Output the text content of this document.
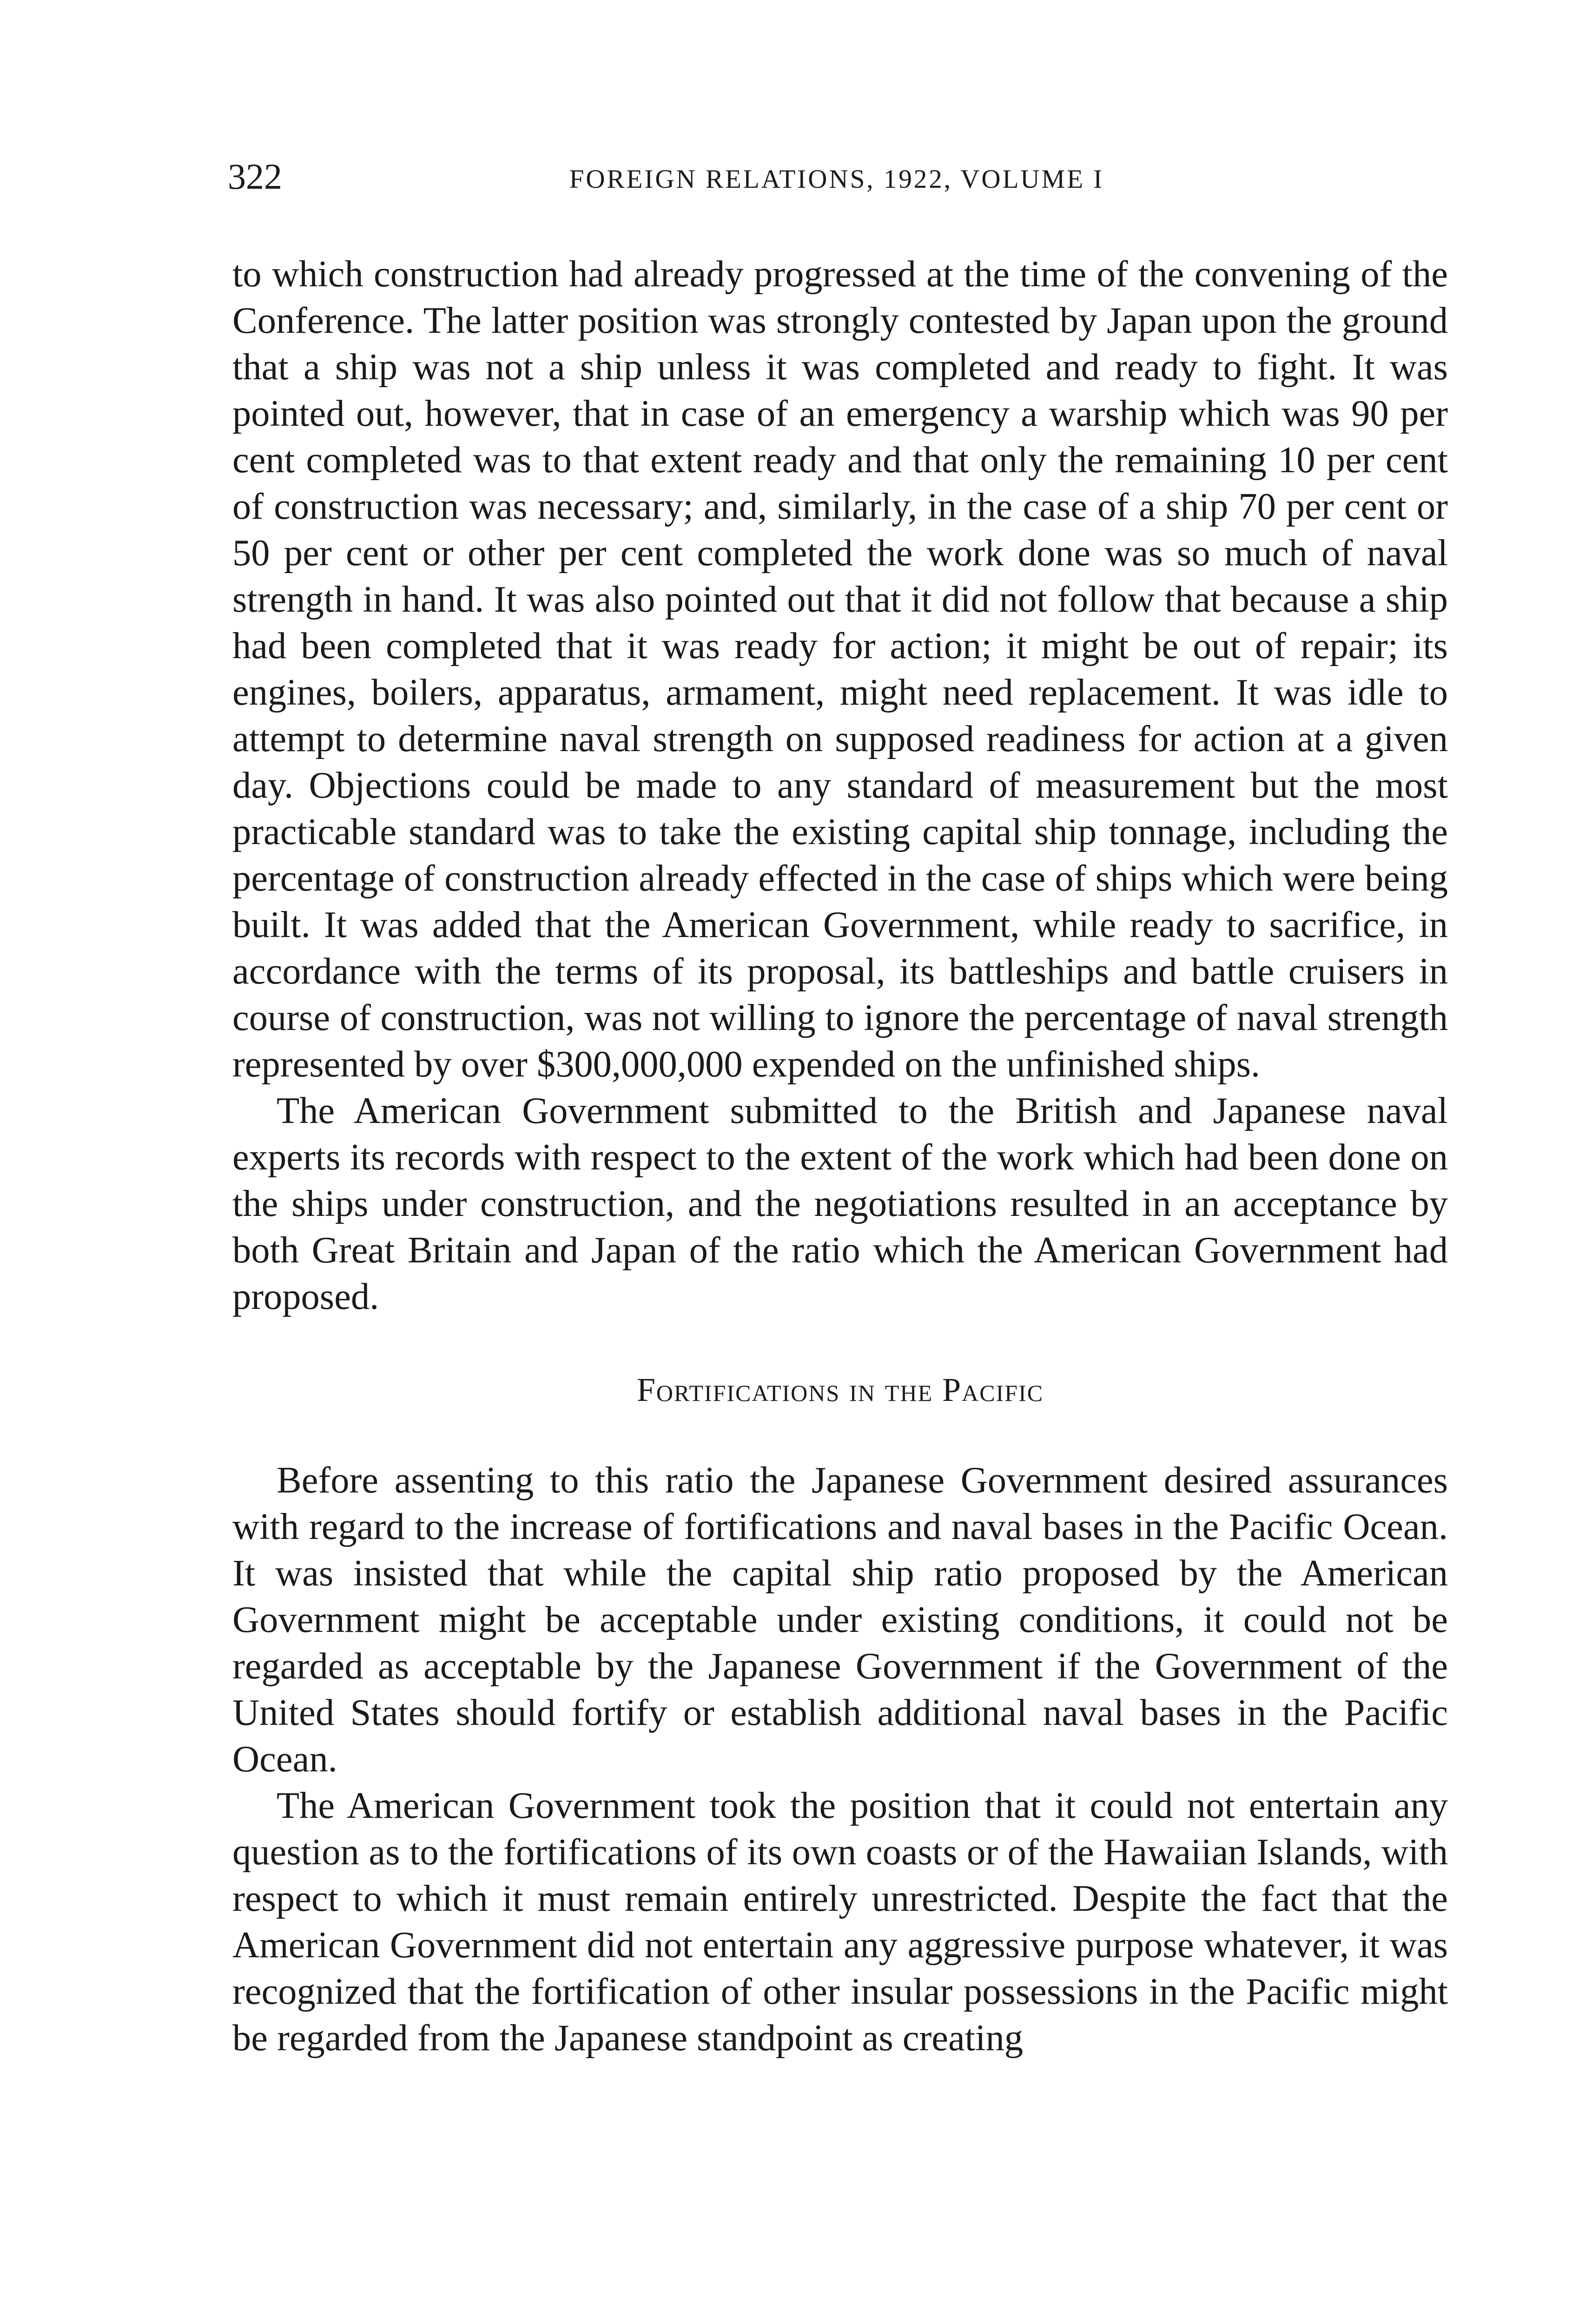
322	FOREIGN RELATIONS, 1922, VOLUME I

to which construction had already progressed at the time of the convening of the Conference. The latter position was strongly contested by Japan upon the ground that a ship was not a ship unless it was completed and ready to fight. It was pointed out, however, that in case of an emergency a warship which was 90 per cent completed was to that extent ready and that only the remaining 10 per cent of construction was necessary; and, similarly, in the case of a ship 70 per cent or 50 per cent or other per cent completed the work done was so much of naval strength in hand. It was also pointed out that it did not follow that because a ship had been completed that it was ready for action; it might be out of repair; its engines, boilers, apparatus, armament, might need replacement. It was idle to attempt to determine naval strength on supposed readiness for action at a given day. Objections could be made to any standard of measurement but the most practicable standard was to take the existing capital ship tonnage, including the percentage of construction already effected in the case of ships which were being built. It was added that the American Government, while ready to sacrifice, in accordance with the terms of its proposal, its battleships and battle cruisers in course of construction, was not willing to ignore the percentage of naval strength represented by over $300,000,000 expended on the unfinished ships.

The American Government submitted to the British and Japanese naval experts its records with respect to the extent of the work which had been done on the ships under construction, and the negotiations resulted in an acceptance by both Great Britain and Japan of the ratio which the American Government had proposed.

Fortifications in the Pacific

Before assenting to this ratio the Japanese Government desired assurances with regard to the increase of fortifications and naval bases in the Pacific Ocean. It was insisted that while the capital ship ratio proposed by the American Government might be acceptable under existing conditions, it could not be regarded as acceptable by the Japanese Government if the Government of the United States should fortify or establish additional naval bases in the Pacific Ocean.

The American Government took the position that it could not entertain any question as to the fortifications of its own coasts or of the Hawaiian Islands, with respect to which it must remain entirely unrestricted. Despite the fact that the American Government did not entertain any aggressive purpose whatever, it was recognized that the fortification of other insular possessions in the Pacific might be regarded from the Japanese standpoint as creating
